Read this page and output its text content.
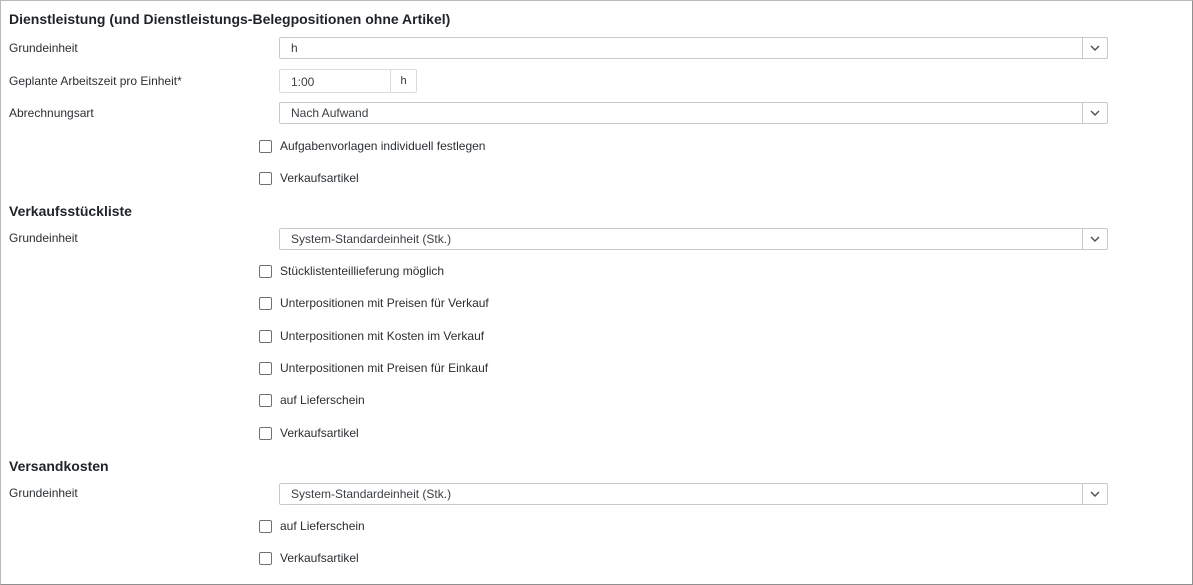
Dienstleistung (und Dienstleistungs-Belegpositionen ohne Artikel)
Grundeinheit	h
Geplante Arbeitszeit pro Einheit*	1:00	h
Abrechnungsart	Nach Aufwand
Aufgabenvorlagen individuell festlegen
Verkaufsartikel
Verkaufsstückliste
Grundeinheit	System-Standardeinheit (Stk.)
Stücklistenteillieferung möglich
Unterpositionen mit Preisen für Verkauf
Unterpositionen mit Kosten im Verkauf
Unterpositionen mit Preisen für Einkauf
auf Lieferschein
Verkaufsartikel
Versandkosten
Grundeinheit	System-Standardeinheit (Stk.)
auf Lieferschein
Verkaufsartikel
